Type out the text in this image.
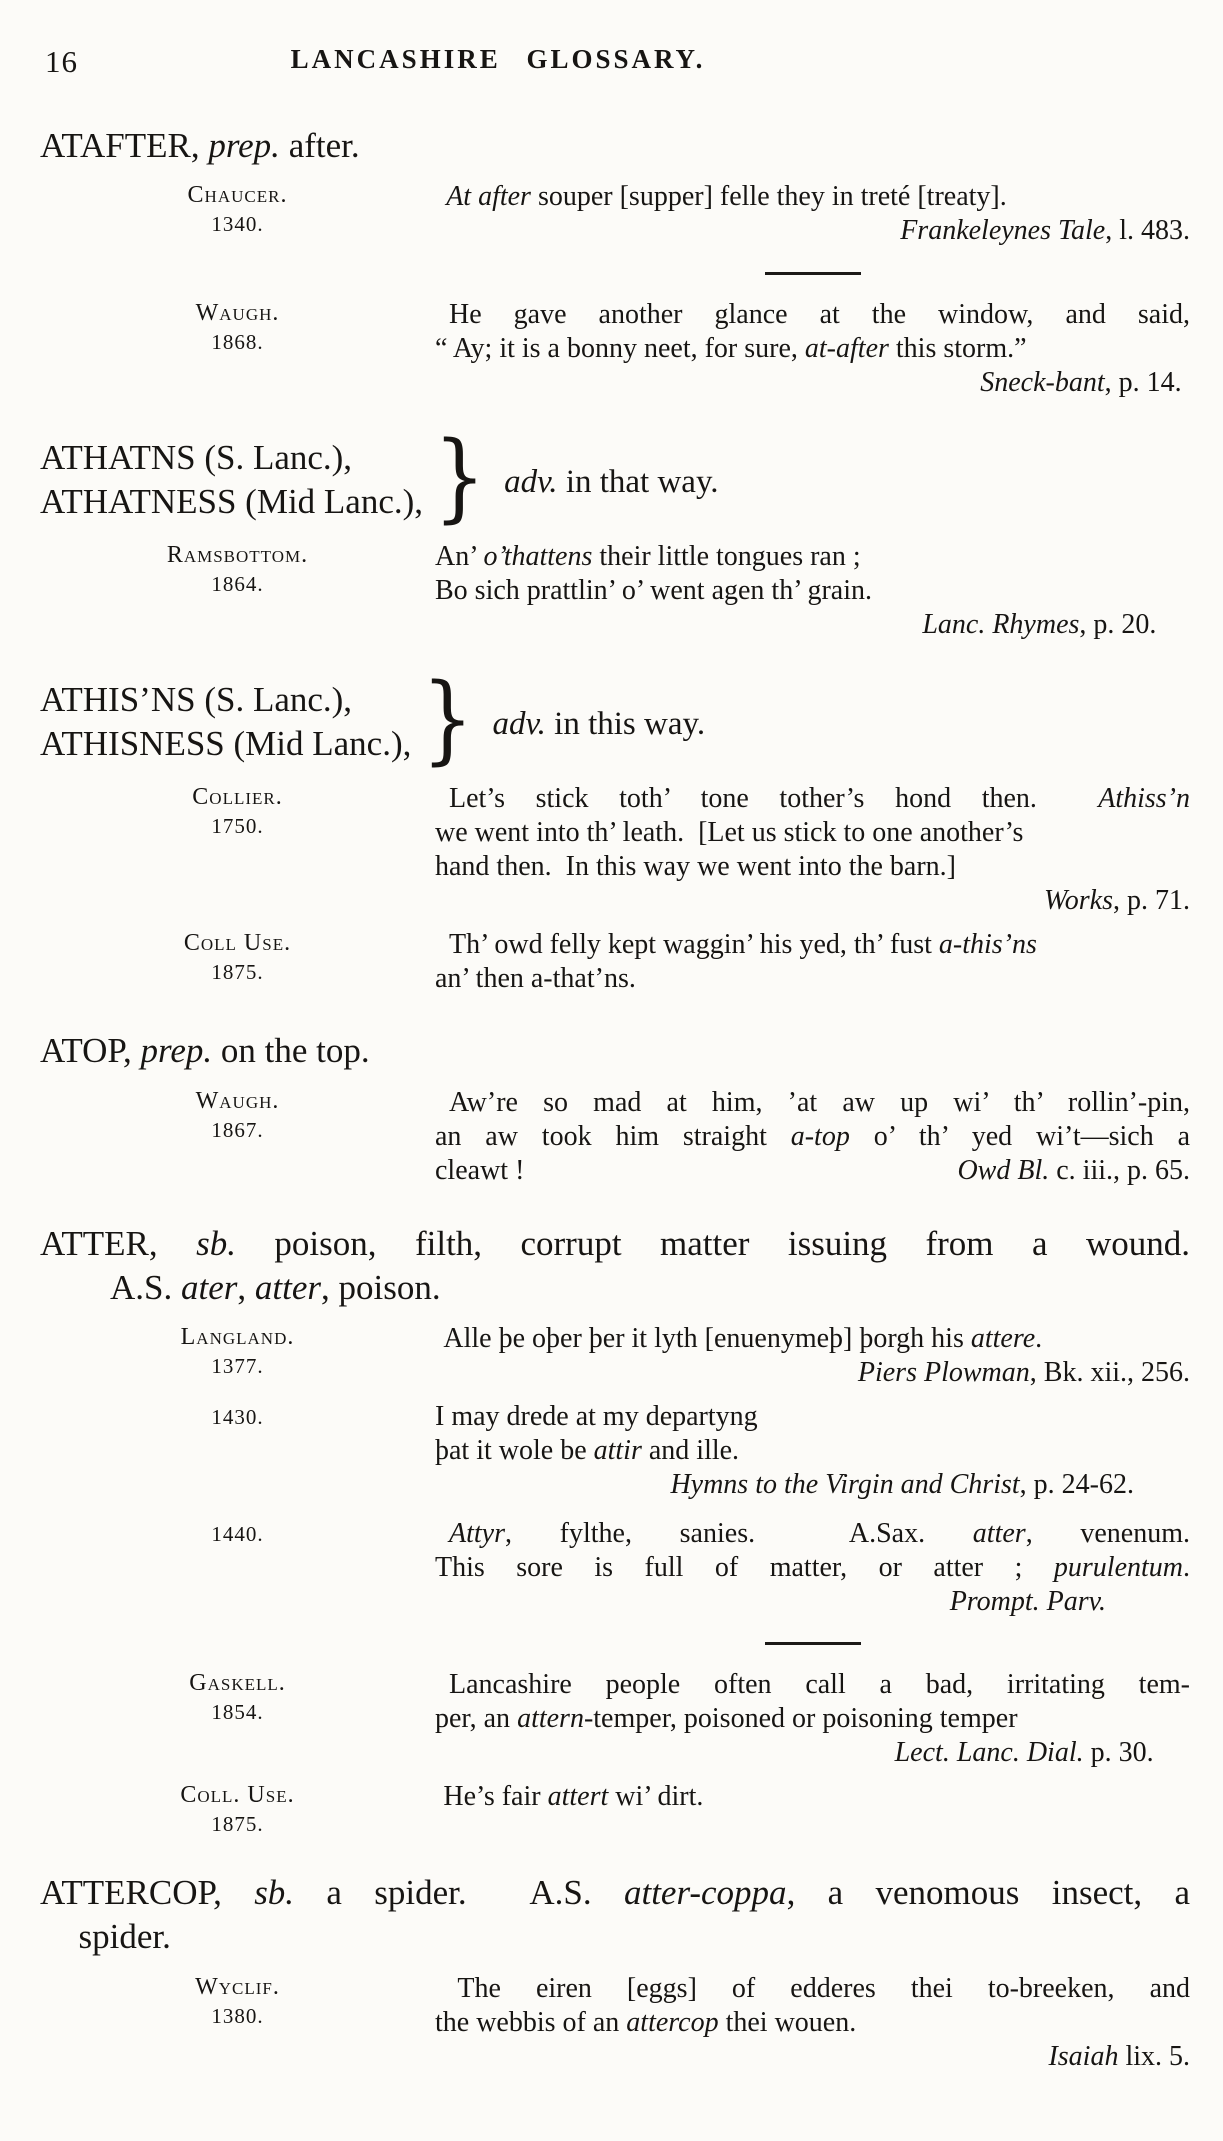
16	LANCASHIRE GLOSSARY.
ATAFTER, prep. after.
Chaucer.
1340.
At after souper [supper] felle they in treté [treaty].
Frankeleynes Tale, l. 483.
Waugh.
1868.
He gave another glance at the window, and said,
“ Ay; it is a bonny neet, for sure, at-after this storm.”
Sneck-bant, p. 14.
ATHATNS (S. Lanc.),
ATHATNESS (Mid Lanc.), } adv. in that way.
Ramsbottom.
1864.
An’ o’thattens their little tongues ran ;
Bo sich prattlin’ o’ went agen th’ grain.
Lanc. Rhymes, p. 20.
ATHIS’NS (S. Lanc.),
ATHISNESS (Mid Lanc.), } adv. in this way.
Collier.
1750.
Let’s stick toth’ tone tother’s hond then.  Athiss’n
we went into th’ leath.  [Let us stick to one another’s
hand then.  In this way we went into the barn.]
Works, p. 71.
Coll Use.
1875.
Th’ owd felly kept waggin’ his yed, th’ fust a-this’ns
an’ then a-that’ns.
ATOP, prep. on the top.
Waugh.
1867.
Aw’re so mad at him, ’at aw up wi’ th’ rollin’-pin,
an aw took him straight a-top o’ th’ yed wi’t—sich a
cleawt !	Owd Bl. c. iii., p. 65.
ATTER, sb. poison, filth, corrupt matter issuing from a wound.
A.S. ater, atter, poison.
Langland.
1377.
Alle þe oþer þer it lyth [enuenymeþ] þorgh his attere.
Piers Plowman, Bk. xii., 256.
1430.	I may drede at my departyng
þat it wole be attir and ille.
Hymns to the Virgin and Christ, p. 24-62.
1440.	Attyr, fylthe, sanies.  A.Sax. atter, venenum.
This sore is full of matter, or atter ; purulentum.
Prompt. Parv.
Gaskell.
1854.
Lancashire people often call a bad, irritating tem-
per, an attern-temper, poisoned or poisoning temper
Lect. Lanc. Dial. p. 30.
Coll. Use.
1875.
He’s fair attert wi’ dirt.
ATTERCOP, sb. a spider.  A.S. atter-coppa, a venomous insect, a
spider.
Wyclif.
1380.
The eiren [eggs] of edderes thei to-breeken, and
the webbis of an attercop thei wouen.
Isaiah lix. 5.
